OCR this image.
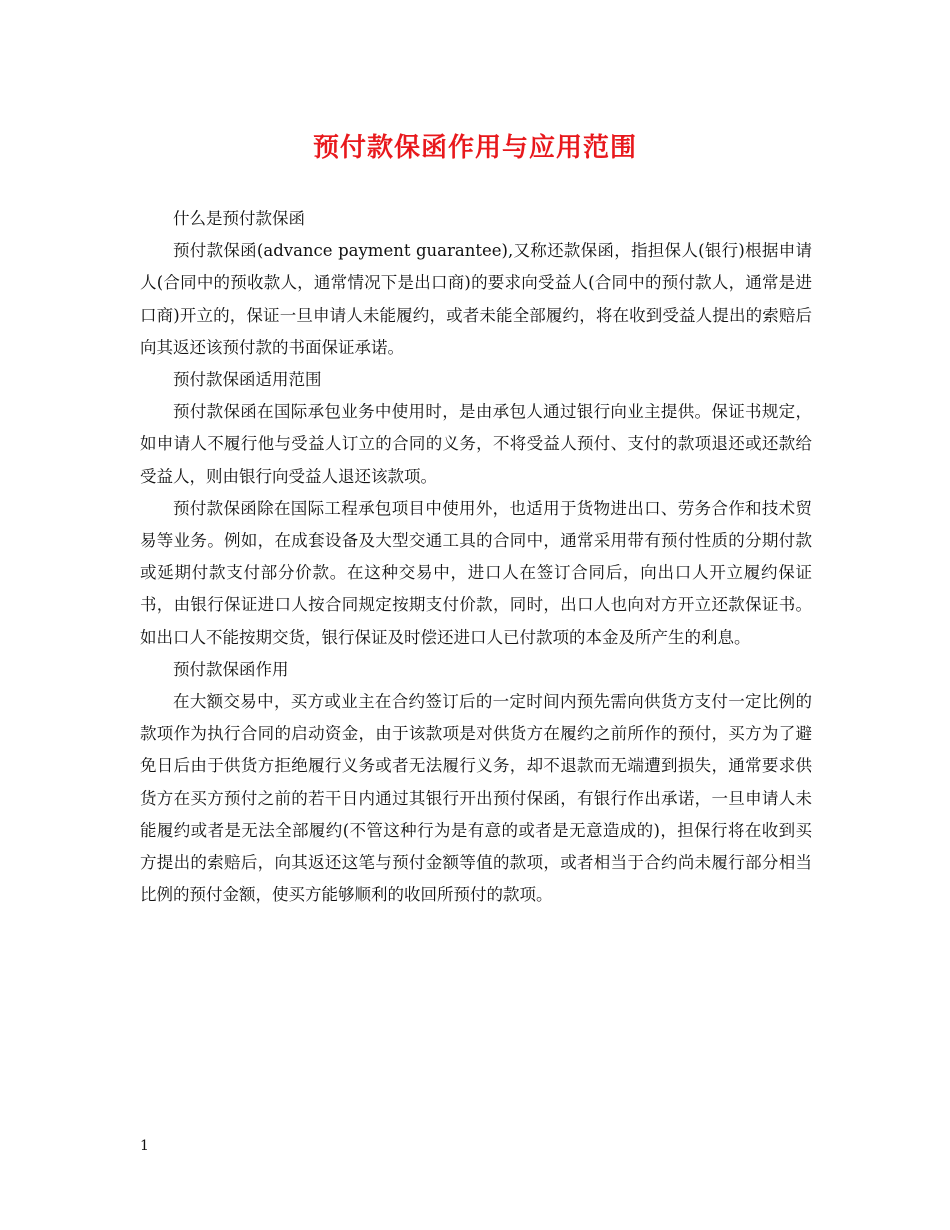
预付款保函作用与应用范围

什么是预付款保函

预付款保函(advance payment guarantee),又称还款保函，指担保人(银行)根据申请人(合同中的预收款人，通常情况下是出口商)的要求向受益人(合同中的预付款人，通常是进口商)开立的，保证一旦申请人未能履约，或者未能全部履约，将在收到受益人提出的索赔后向其返还该预付款的书面保证承诺。

预付款保函适用范围

预付款保函在国际承包业务中使用时，是由承包人通过银行向业主提供。保证书规定，如申请人不履行他与受益人订立的合同的义务，不将受益人预付、支付的款项退还或还款给受益人，则由银行向受益人退还该款项。

预付款保函除在国际工程承包项目中使用外，也适用于货物进出口、劳务合作和技术贸易等业务。例如，在成套设备及大型交通工具的合同中，通常采用带有预付性质的分期付款或延期付款支付部分价款。在这种交易中，进口人在签订合同后，向出口人开立履约保证书，由银行保证进口人按合同规定按期支付价款，同时，出口人也向对方开立还款保证书。如出口人不能按期交货，银行保证及时偿还进口人已付款项的本金及所产生的利息。

预付款保函作用

在大额交易中，买方或业主在合约签订后的一定时间内预先需向供货方支付一定比例的款项作为执行合同的启动资金，由于该款项是对供货方在履约之前所作的预付，买方为了避免日后由于供货方拒绝履行义务或者无法履行义务，却不退款而无端遭到损失，通常要求供货方在买方预付之前的若干日内通过其银行开出预付保函，有银行作出承诺，一旦申请人未能履约或者是无法全部履约(不管这种行为是有意的或者是无意造成的)，担保行将在收到买方提出的索赔后，向其返还这笔与预付金额等值的款项，或者相当于合约尚未履行部分相当比例的预付金额，使买方能够顺利的收回所预付的款项。

1
